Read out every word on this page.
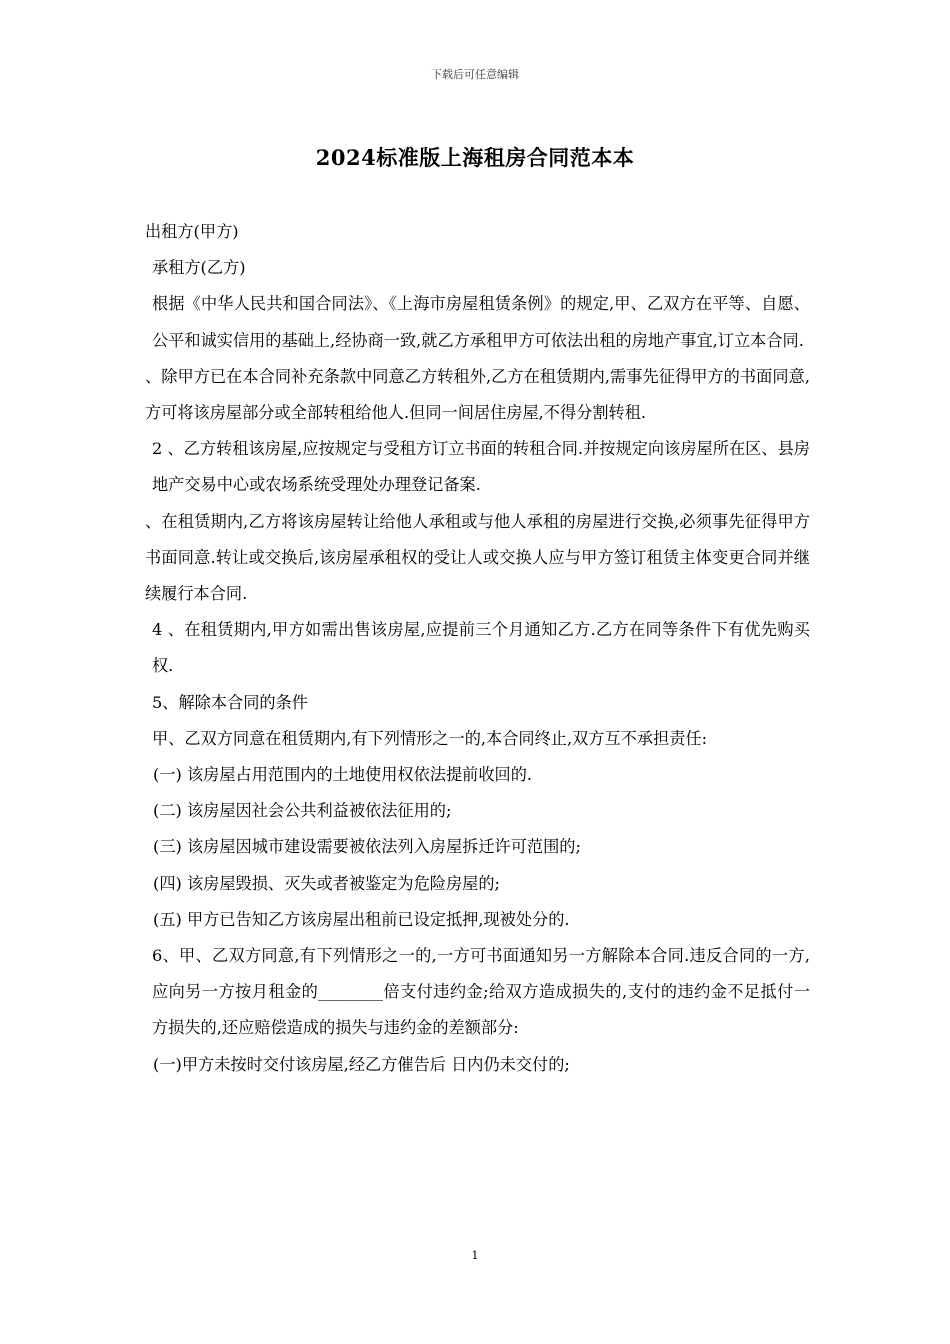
下载后可任意编辑
2024标准版上海租房合同范本本

出租方(甲方)

承租方(乙方)

根据《中华人民共和国合同法》、《上海市房屋租赁条例》的规定,甲、乙双方在平等、自愿、公平和诚实信用的基础上,经协商一致,就乙方承租甲方可依法出租的房地产事宜,订立本合同.

、除甲方已在本合同补充条款中同意乙方转租外,乙方在租赁期内,需事先征得甲方的书面同意,方可将该房屋部分或全部转租给他人.但同一间居住房屋,不得分割转租.

2 、乙方转租该房屋,应按规定与受租方订立书面的转租合同.并按规定向该房屋所在区、县房地产交易中心或农场系统受理处办理登记备案.

、在租赁期内,乙方将该房屋转让给他人承租或与他人承租的房屋进行交换,必须事先征得甲方书面同意.转让或交换后,该房屋承租权的受让人或交换人应与甲方签订租赁主体变更合同并继续履行本合同.

4 、在租赁期内,甲方如需出售该房屋,应提前三个月通知乙方.乙方在同等条件下有优先购买权.

5、解除本合同的条件

甲、乙双方同意在租赁期内,有下列情形之一的,本合同终止,双方互不承担责任:

(一) 该房屋占用范围内的土地使用权依法提前收回的.

(二) 该房屋因社会公共利益被依法征用的;

(三) 该房屋因城市建设需要被依法列入房屋拆迁许可范围的;

(四) 该房屋毁损、灭失或者被鉴定为危险房屋的;

(五) 甲方已告知乙方该房屋出租前已设定抵押,现被处分的.

6、甲、乙双方同意,有下列情形之一的,一方可书面通知另一方解除本合同.违反合同的一方,应向另一方按月租金的________倍支付违约金;给双方造成损失的,支付的违约金不足抵付一方损失的,还应赔偿造成的损失与违约金的差额部分:

(一)甲方未按时交付该房屋,经乙方催告后 日内仍未交付的;

1
